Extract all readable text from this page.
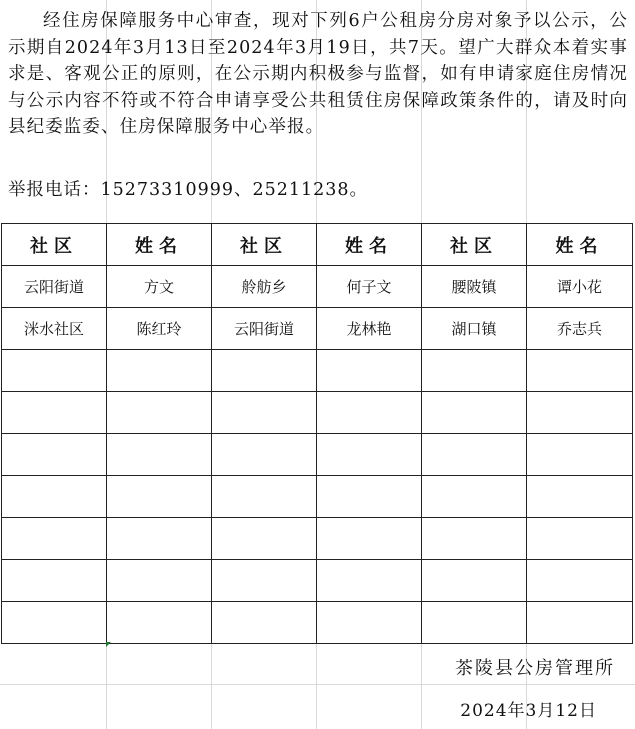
经住房保障服务中心审查，现对下列6户公租房分房对象予以公示，公示期自2024年3月13日至2024年3月19日，共7天。望广大群众本着实事求是、客观公正的原则，在公示期内积极参与监督，如有申请家庭住房情况与公示内容不符或不符合申请享受公共租赁住房保障政策条件的，请及时向县纪委监委、住房保障服务中心举报。

举报电话：15273310999、25211238。
社区	姓名	社区	姓名	社区	姓名
云阳街道	方文	舲舫乡	何子文	腰陂镇	谭小花
洣水社区	陈红玲	云阳街道	龙林艳	湖口镇	乔志兵

茶陵县公房管理所
2024年3月12日
